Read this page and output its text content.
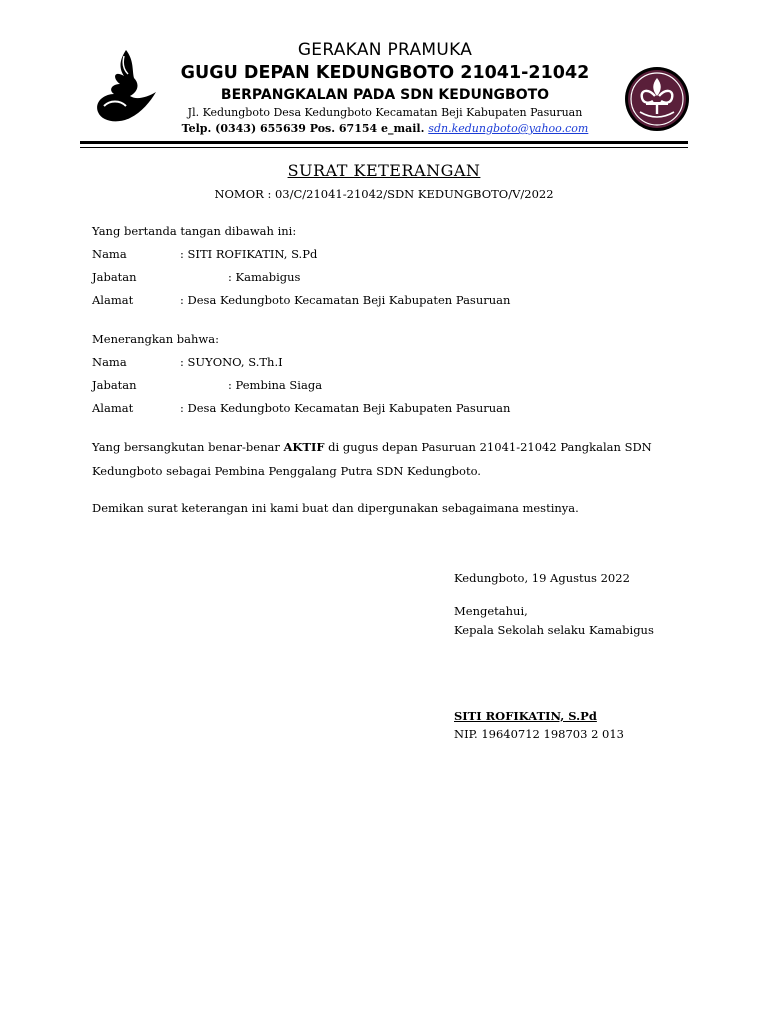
GERAKAN PRAMUKA
GUGU DEPAN KEDUNGBOTO 21041-21042
BERPANGKALAN PADA SDN KEDUNGBOTO
Jl. Kedungboto Desa Kedungboto Kecamatan Beji Kabupaten Pasuruan
Telp. (0343) 655639 Pos. 67154 e_mail. sdn.kedungboto@yahoo.com
SURAT KETERANGAN
NOMOR : 03/C/21041-21042/SDN KEDUNGBOTO/V/2022
Yang bertanda tangan dibawah ini:
Nama	: SITI ROFIKATIN, S.Pd
Jabatan	: Kamabigus
Alamat	: Desa Kedungboto Kecamatan Beji Kabupaten Pasuruan
Menerangkan bahwa:
Nama	: SUYONO, S.Th.I
Jabatan	: Pembina Siaga
Alamat	: Desa Kedungboto Kecamatan Beji Kabupaten Pasuruan
Yang bersangkutan benar-benar AKTIF di gugus depan Pasuruan 21041-21042 Pangkalan SDN Kedungboto sebagai Pembina Penggalang Putra SDN Kedungboto.
Demikan surat keterangan ini kami buat dan dipergunakan sebagaimana mestinya.
Kedungboto, 19 Agustus 2022
Mengetahui,
Kepala Sekolah selaku Kamabigus
SITI ROFIKATIN, S.Pd
NIP. 19640712 198703 2 013
